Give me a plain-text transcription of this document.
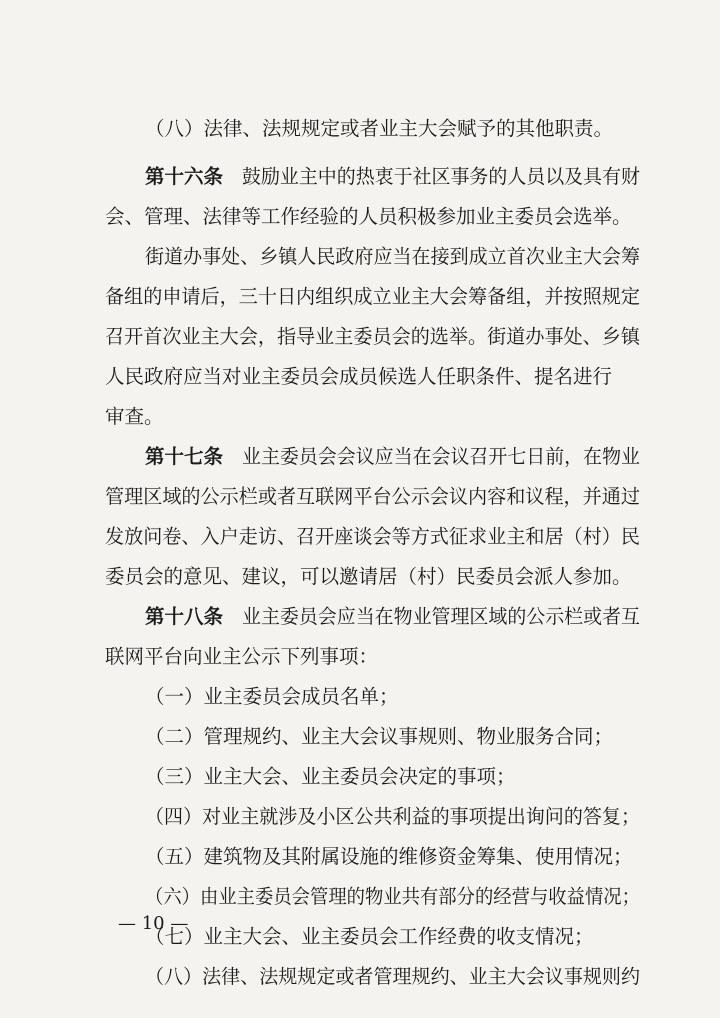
（八）法律、法规规定或者业主大会赋予的其他职责。
第十六条 鼓励业主中的热衷于社区事务的人员以及具有财
会、管理、法律等工作经验的人员积极参加业主委员会选举。
街道办事处、乡镇人民政府应当在接到成立首次业主大会筹
备组的申请后，三十日内组织成立业主大会筹备组，并按照规定
召开首次业主大会，指导业主委员会的选举。街道办事处、乡镇
人民政府应当对业主委员会成员候选人任职条件、提名进行
审查。
第十七条 业主委员会会议应当在会议召开七日前，在物业
管理区域的公示栏或者互联网平台公示会议内容和议程，并通过
发放问卷、入户走访、召开座谈会等方式征求业主和居（村）民
委员会的意见、建议，可以邀请居（村）民委员会派人参加。
第十八条 业主委员会应当在物业管理区域的公示栏或者互
联网平台向业主公示下列事项：
（一）业主委员会成员名单；
（二）管理规约、业主大会议事规则、物业服务合同；
（三）业主大会、业主委员会决定的事项；
（四）对业主就涉及小区公共利益的事项提出询问的答复；
（五）建筑物及其附属设施的维修资金筹集、使用情况；
（六）由业主委员会管理的物业共有部分的经营与收益情况；
（七）业主大会、业主委员会工作经费的收支情况；
（八）法律、法规规定或者管理规约、业主大会议事规则约
— 10 —
